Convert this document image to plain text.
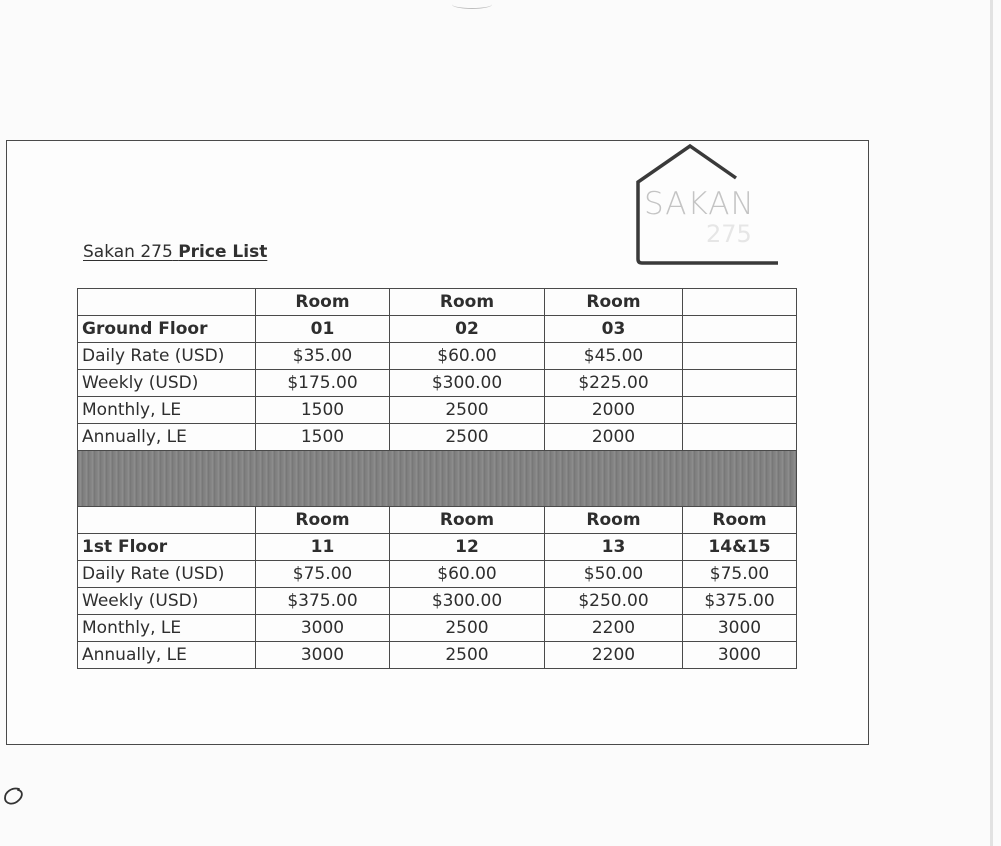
SAKAN
275
Sakan 275 Price List
	Room	Room	Room	
Ground Floor	01	02	03	
Daily Rate (USD)	$35.00	$60.00	$45.00	
Weekly (USD)	$175.00	$300.00	$225.00	
Monthly, LE	1500	2500	2000	
Annually, LE	1500	2500	2000	

	Room	Room	Room	Room
1st Floor	11	12	13	14&15
Daily Rate (USD)	$75.00	$60.00	$50.00	$75.00
Weekly (USD)	$375.00	$300.00	$250.00	$375.00
Monthly, LE	3000	2500	2200	3000
Annually, LE	3000	2500	2200	3000
